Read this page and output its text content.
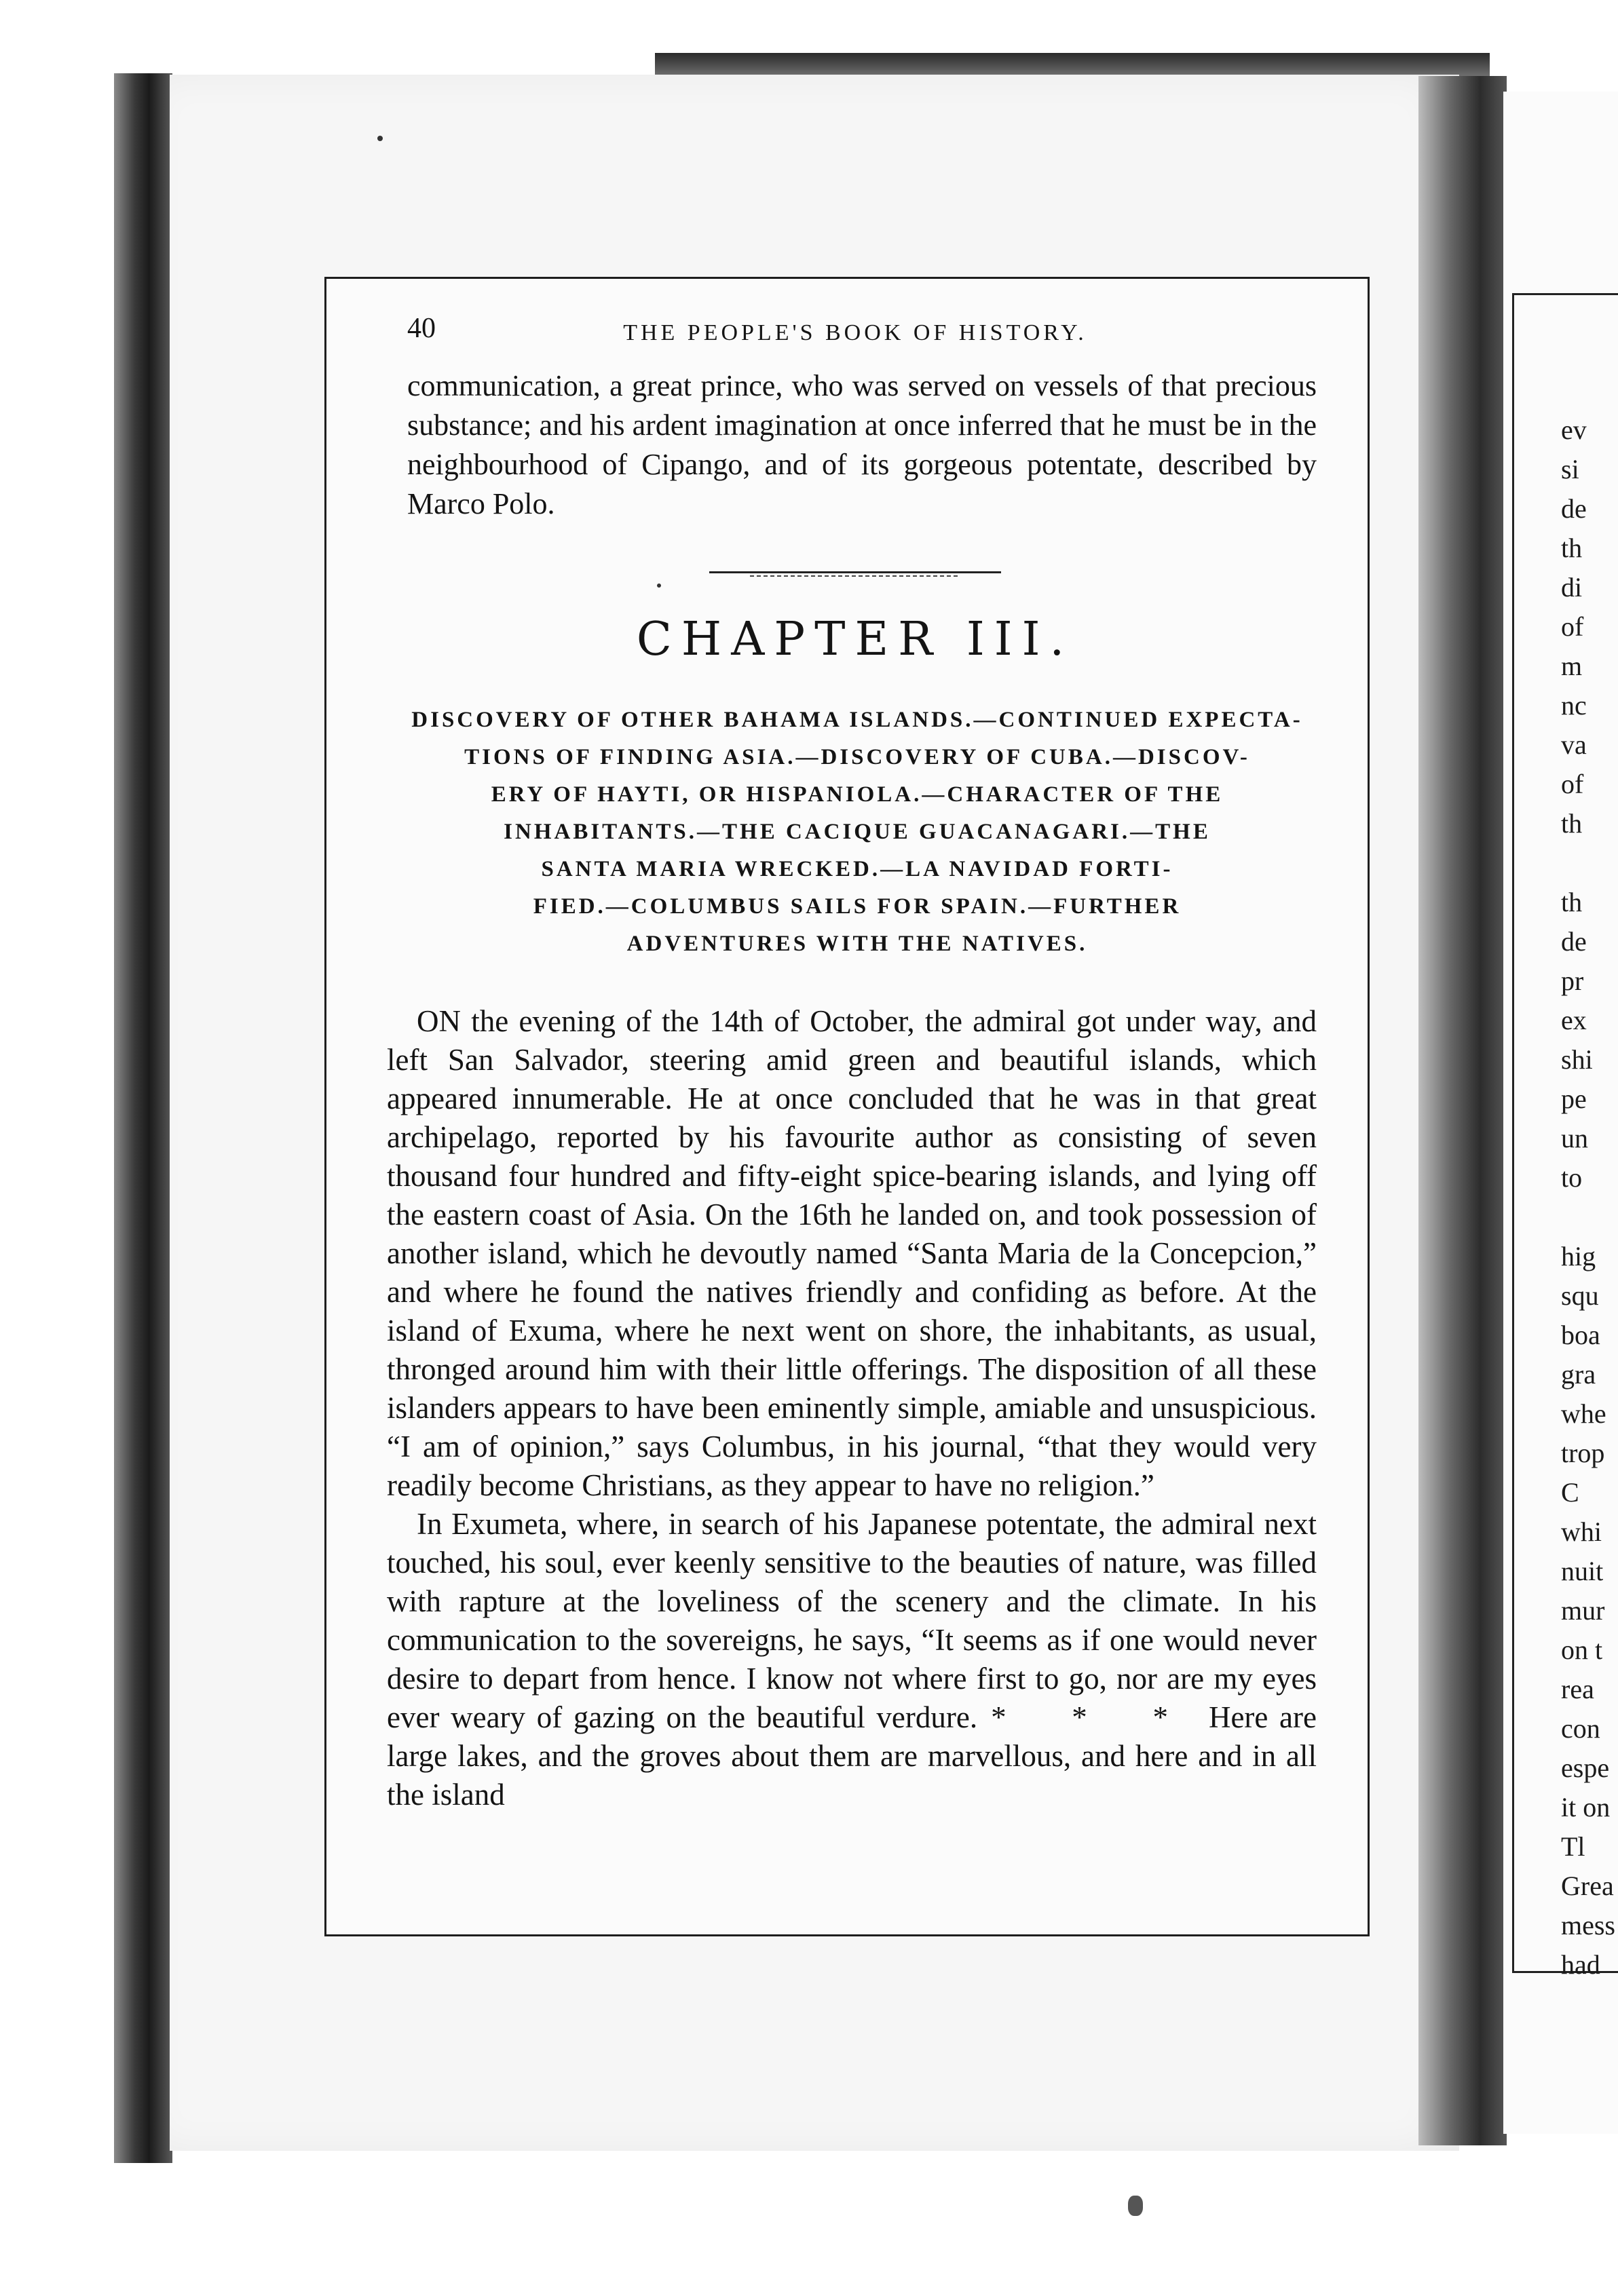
ev
si
de
th
di
of
m
nc
va
of
th
th
de
pr
ex
shi
pe
un
to
hig
squ
boa
gra
whe
trop
C
whi
nuit
mur
on t
rea
con
espe
it on
Tl
Grea
mess
had
40	THE PEOPLE'S BOOK OF HISTORY.
communication, a great prince, who was served on vessels of that precious substance; and his ardent imagination at once inferred that he must be in the neighbourhood of Cipango, and of its gorgeous potentate, described by Marco Polo.
CHAPTER III.
DISCOVERY OF OTHER BAHAMA ISLANDS.—CONTINUED EXPECTA-
TIONS OF FINDING ASIA.—DISCOVERY OF CUBA.—DISCOV-
ERY OF HAYTI, OR HISPANIOLA.—CHARACTER OF THE
INHABITANTS.—THE CACIQUE GUACANAGARI.—THE
SANTA MARIA WRECKED.—LA NAVIDAD FORTI-
FIED.—COLUMBUS SAILS FOR SPAIN.—FURTHER
ADVENTURES WITH THE NATIVES.

ON the evening of the 14th of October, the admiral got under way, and left San Salvador, steering amid green and beautiful islands, which appeared innumerable. He at once concluded that he was in that great archipelago, reported by his favourite author as consisting of seven thousand four hundred and fifty-eight spice-bearing islands, and lying off the eastern coast of Asia. On the 16th he landed on, and took possession of another island, which he devoutly named “Santa Maria de la Concepcion,” and where he found the natives friendly and confiding as before. At the island of Exuma, where he next went on shore, the inhabitants, as usual, thronged around him with their little offerings. The disposition of all these islanders appears to have been eminently simple, amiable and unsuspicious. “I am of opinion,” says Columbus, in his journal, “that they would very readily become Christians, as they appear to have no religion.”

In Exumeta, where, in search of his Japanese potentate, the admiral next touched, his soul, ever keenly sensitive to the beauties of nature, was filled with rapture at the loveliness of the scenery and the climate. In his communication to the sovereigns, he says, “It seems as if one would never desire to depart from hence. I know not where first to go, nor are my eyes ever weary of gazing on the beautiful verdure. * * * Here are large lakes, and the groves about them are marvellous, and here and in all the island
